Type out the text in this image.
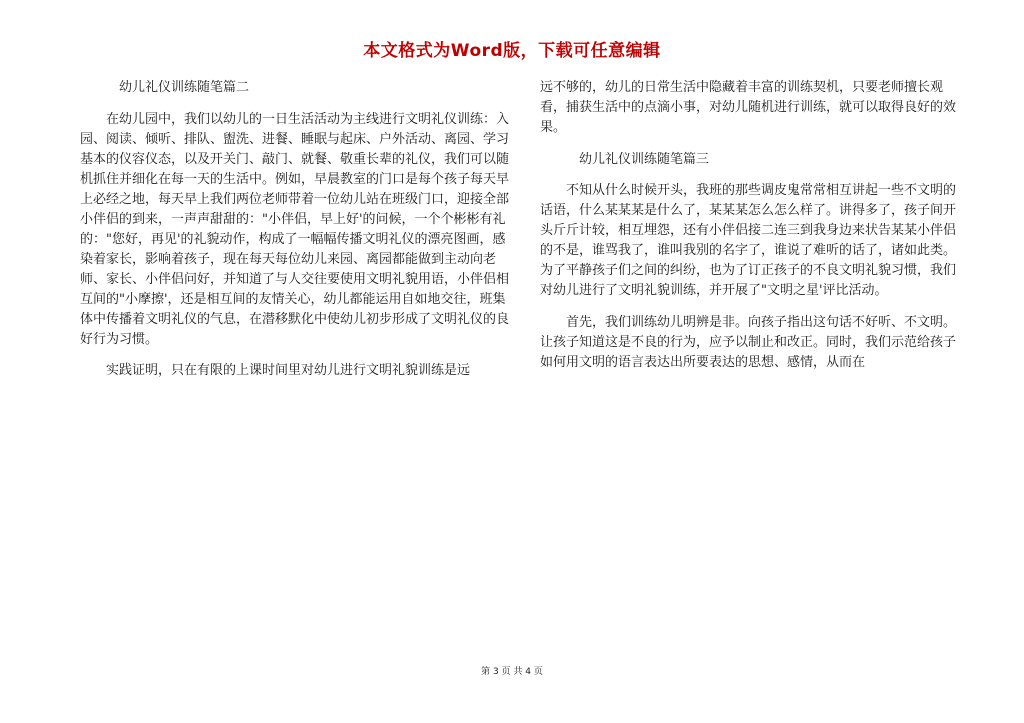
本文格式为Word版，下载可任意编辑

幼儿礼仪训练随笔篇二

在幼儿园中，我们以幼儿的一日生活活动为主线进行文明礼仪训练：入园、阅读、倾听、排队、盥洗、进餐、睡眠与起床、户外活动、离园、学习基本的仪容仪态，以及开关门、敲门、就餐、敬重长辈的礼仪，我们可以随机抓住并细化在每一天的生活中。例如，早晨教室的门口是每个孩子每天早上必经之地，每天早上我们两位老师带着一位幼儿站在班级门口，迎接全部小伴侣的到来，一声声甜甜的："小伴侣，早上好'的问候，一个个彬彬有礼的："您好，再见'的礼貌动作，构成了一幅幅传播文明礼仪的漂亮图画，感染着家长，影响着孩子，现在每天每位幼儿来园、离园都能做到主动向老师、家长、小伴侣问好，并知道了与人交往要使用文明礼貌用语，小伴侣相互间的"小摩擦'，还是相互间的友情关心，幼儿都能运用自如地交往，班集体中传播着文明礼仪的气息，在潜移默化中使幼儿初步形成了文明礼仪的良好行为习惯。

实践证明，只在有限的上课时间里对幼儿进行文明礼貌训练是远

远不够的，幼儿的日常生活中隐藏着丰富的训练契机，只要老师擅长观看，捕获生活中的点滴小事，对幼儿随机进行训练，就可以取得良好的效果。

幼儿礼仪训练随笔篇三

不知从什么时候开头，我班的那些调皮鬼常常相互讲起一些不文明的话语，什么某某某是什么了，某某某怎么怎么样了。讲得多了，孩子间开头斤斤计较，相互埋怨，还有小伴侣接二连三到我身边来状告某某小伴侣的不是，谁骂我了，谁叫我别的名字了，谁说了难听的话了，诸如此类。为了平静孩子们之间的纠纷，也为了订正孩子的不良文明礼貌习惯，我们对幼儿进行了文明礼貌训练，并开展了"文明之星'评比活动。

首先，我们训练幼儿明辨是非。向孩子指出这句话不好听、不文明。让孩子知道这是不良的行为，应予以制止和改正。同时，我们示范给孩子如何用文明的语言表达出所要表达的思想、感情，从而在

第 3 页 共 4 页
